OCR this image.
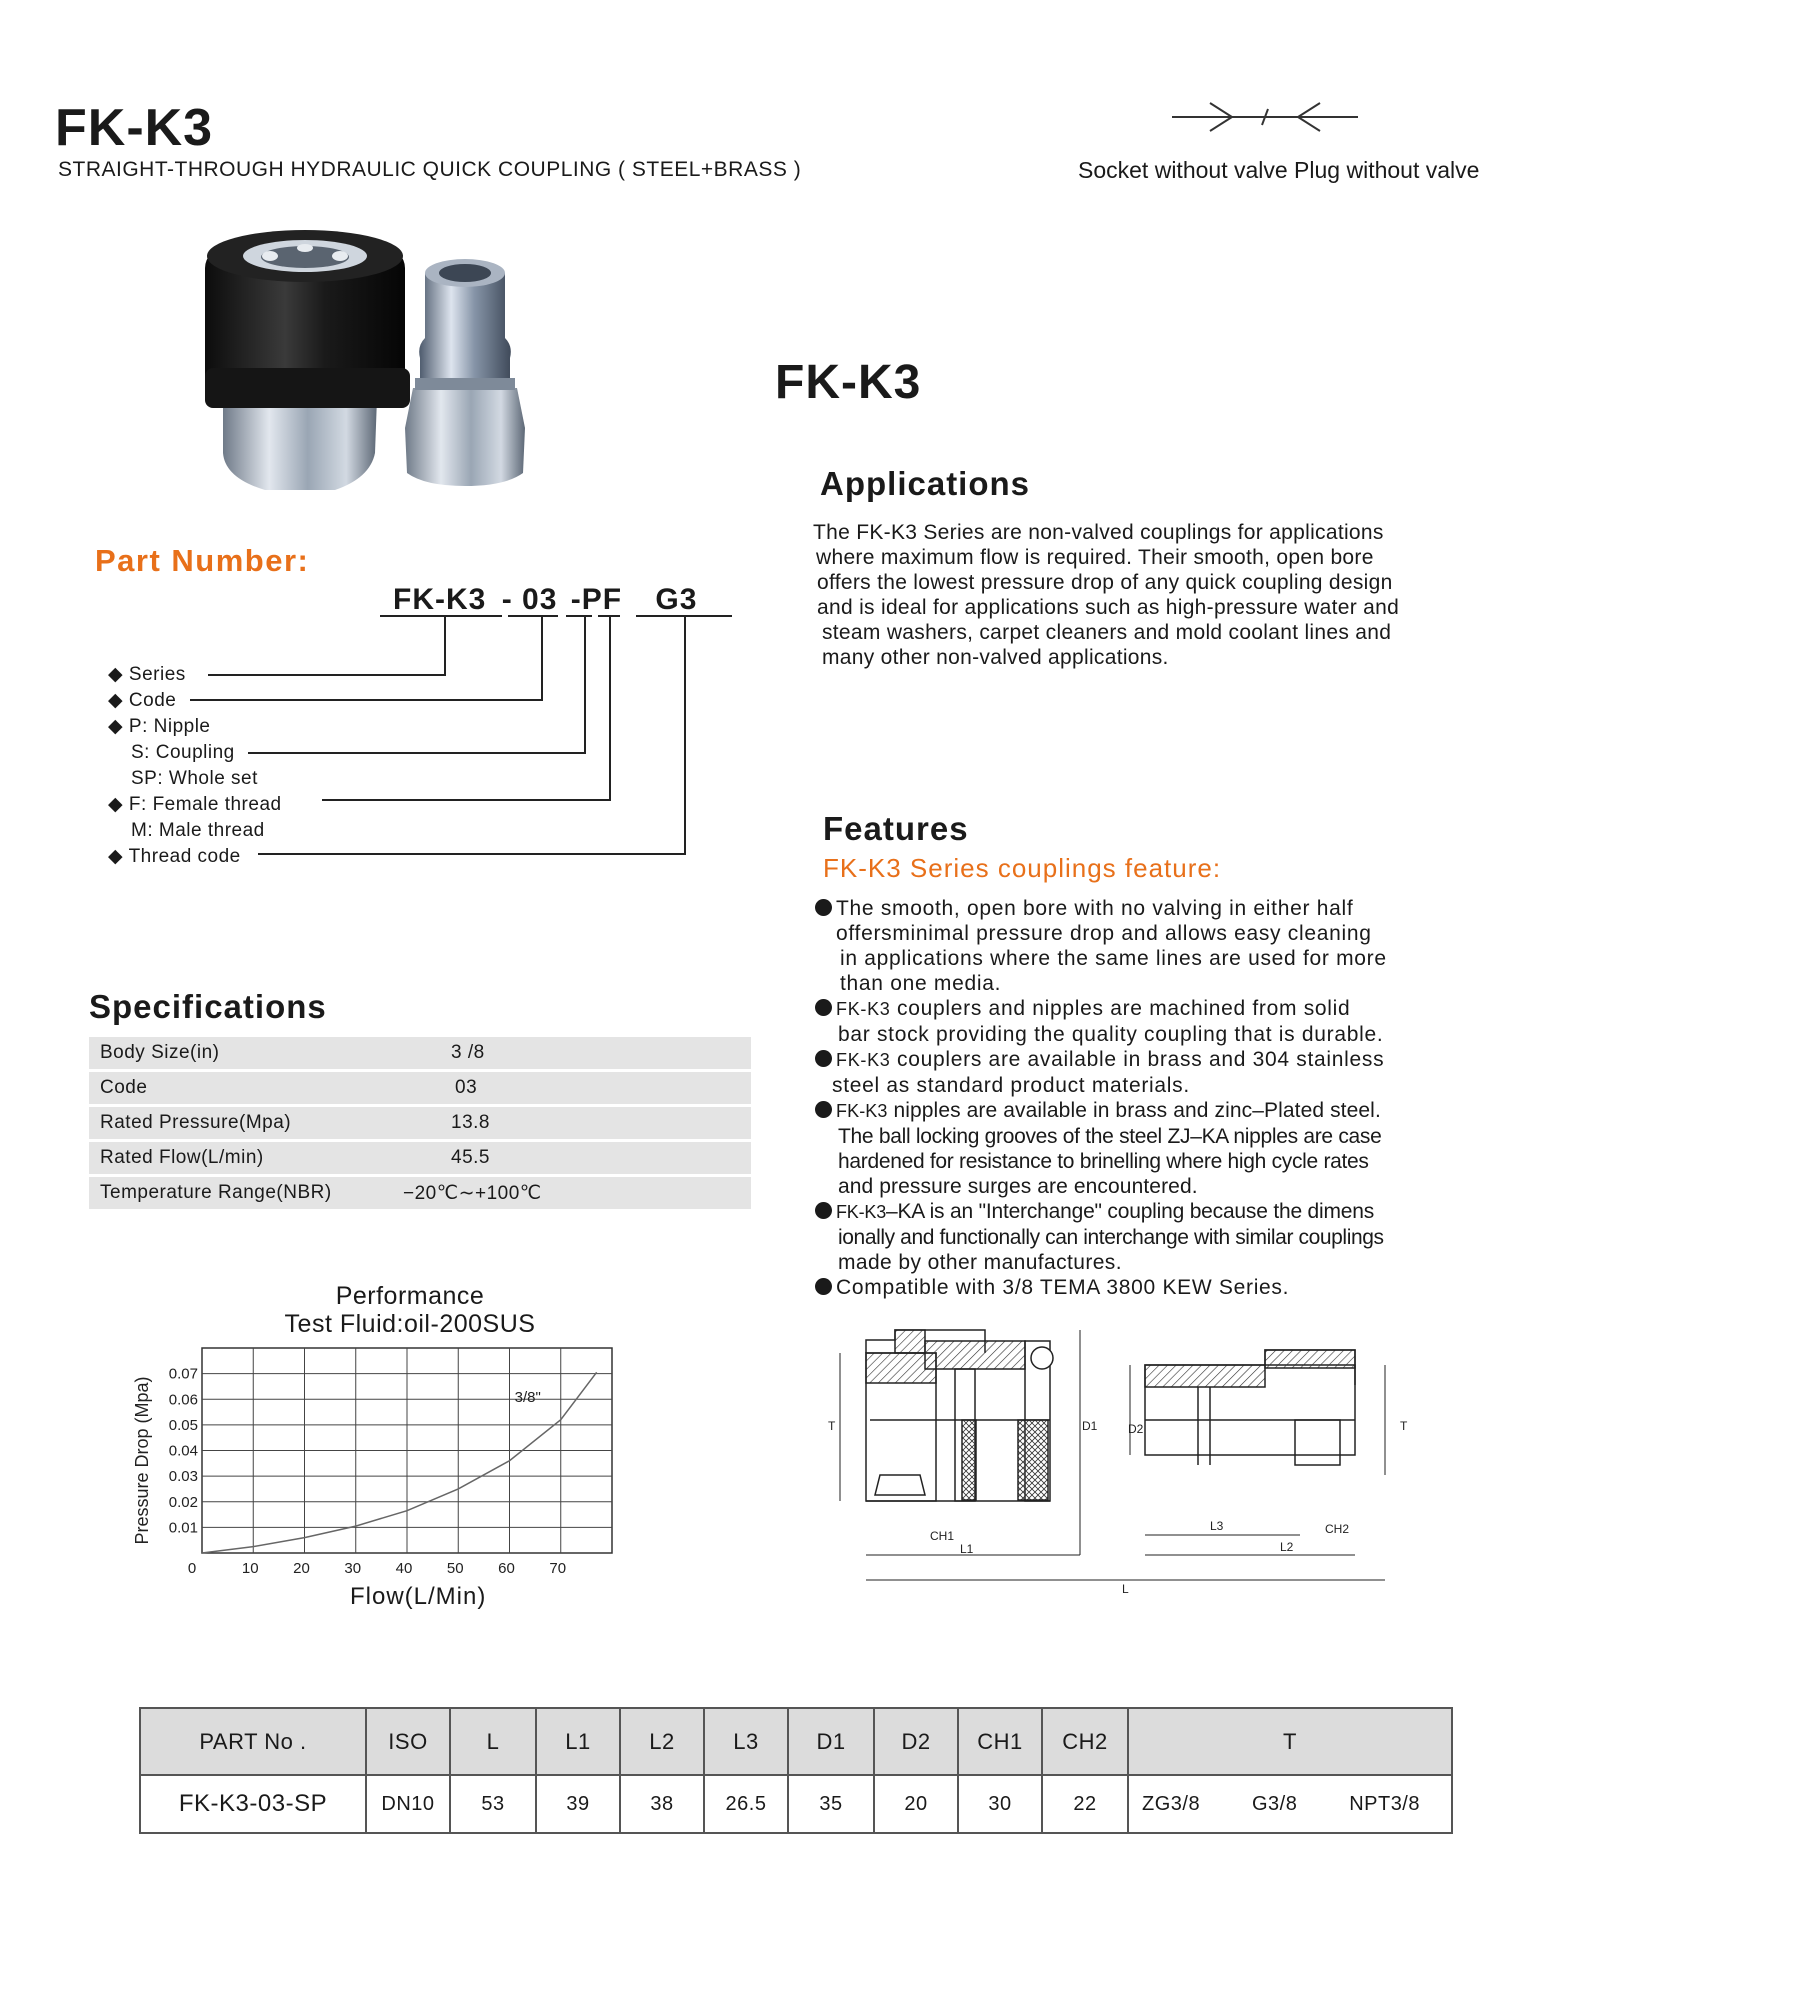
FK-K3
STRAIGHT-THROUGH HYDRAULIC QUICK COUPLING ( STEEL+BRASS )	Socket without valve Plug without valve
FK-K3
Part Number:
FK-K3 - 03 -PF G3
◆ Series
◆ Code
◆ P: Nipple
S: Coupling
SP: Whole set
◆ F: Female thread
M: Male thread
◆ Thread code
Applications
The FK-K3 Series are non-valved couplings for applications
where maximum flow is required. Their smooth, open bore
offers the lowest pressure drop of any quick coupling design
and is ideal for applications such as high-pressure water and
steam washers, carpet cleaners and mold coolant lines and
many other non-valved applications.
Features
FK-K3 Series couplings feature:
The smooth, open bore with no valving in either half
offersminimal pressure drop and allows easy cleaning
in applications where the same lines are used for more
than one media.
FK-K3 couplers and nipples are machined from solid
bar stock providing the quality coupling that is durable.
FK-K3 couplers are available in brass and 304 stainless
steel as standard product materials.
FK-K3 nipples are available in brass and zinc–Plated steel.
The ball locking grooves of the steel ZJ–KA nipples are case
hardened for resistance to brinelling where high cycle rates
and pressure surges are encountered.
FK-K3–KA is an "Interchange" coupling because the dimens
ionally and functionally can interchange with similar couplings
made by other manufactures.
Compatible with 3/8 TEMA 3800 KEW Series.
Specifications
Body Size(in)	3 /8
Code	03
Rated Pressure(Mpa)	13.8
Rated Flow(L/min)	45.5
Temperature Range(NBR)	−20℃∼+100℃
Performance
Test Fluid:oil-200SUS
0	10 20 30 40 50 60 70
0.01
0.02
0.03
0.04
0.05
0.06
0.07
Pressure Drop (Mpa)	3/8"
Flow(L/Min)
T	D1
CH1
L1
D2
L3	CH2
L2
T
L
PART No .	ISO	L	L1	L2	L3	D1	D2	CH1	CH2	T
FK-K3-03-SP	DN10	53	39	38	26.5	35	20	30	22	ZG3/8 G3/8 NPT3/8
